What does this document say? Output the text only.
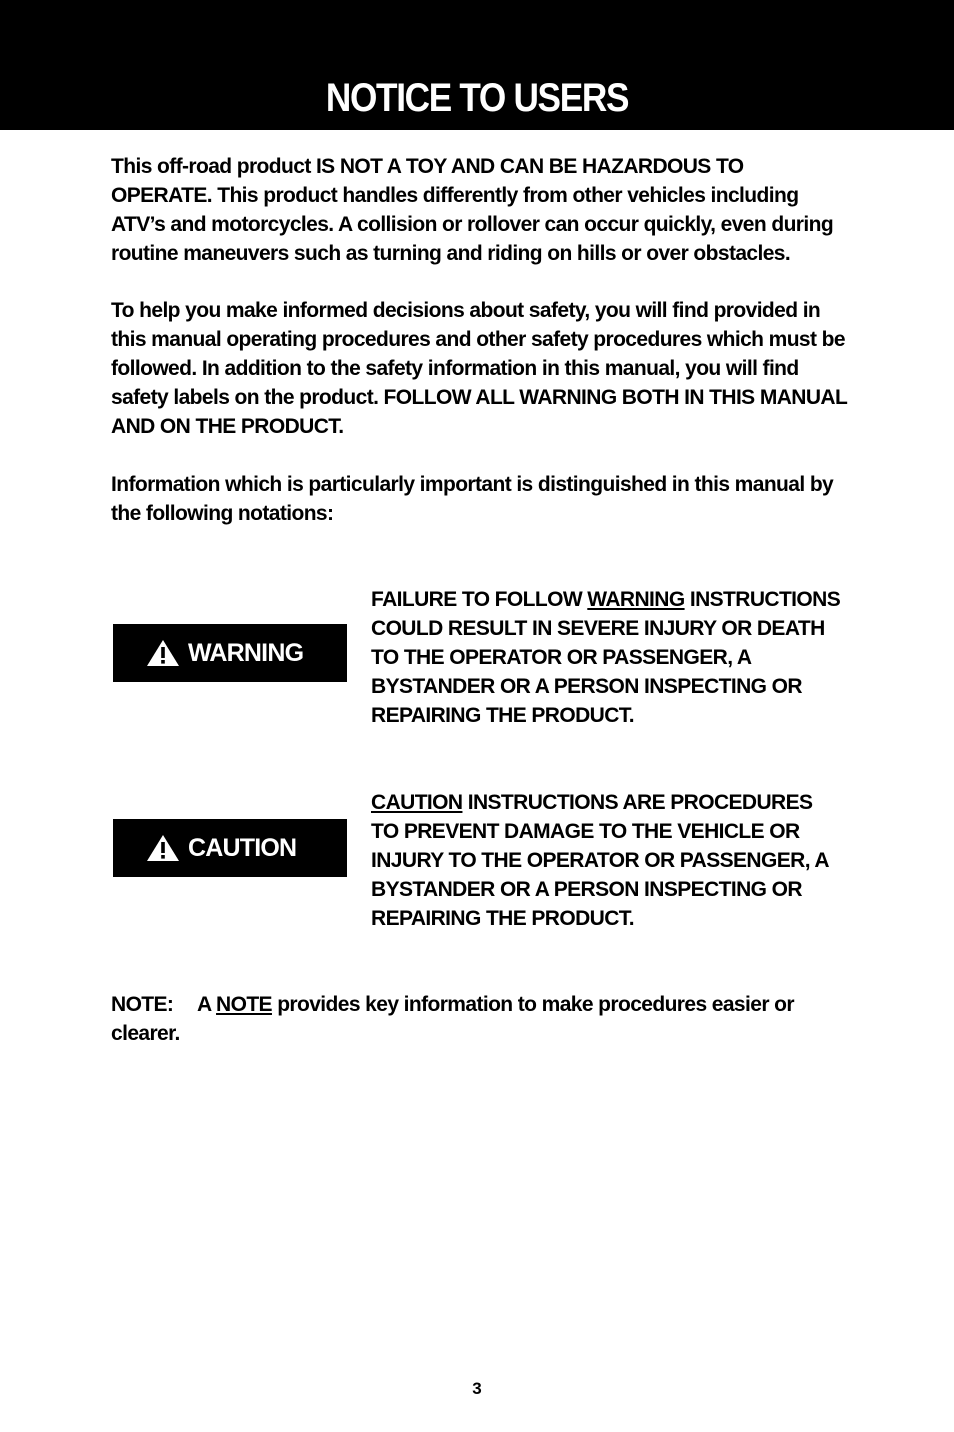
NOTICE TO USERS

This off-road product IS NOT A TOY AND CAN BE HAZARDOUS TO OPERATE. This product handles differently from other vehicles including ATV’s and motorcycles. A collision or rollover can occur quickly, even during routine maneuvers such as turning and riding on hills or over obstacles.

To help you make informed decisions about safety, you will find provided in this manual operating procedures and other safety procedures which must be followed. In addition to the safety information in this manual, you will find safety labels on the product. FOLLOW ALL WARNING BOTH IN THIS MANUAL AND ON THE PRODUCT.

Information which is particularly important is distinguished in this manual by the following notations:

WARNING

FAILURE TO FOLLOW WARNING INSTRUCTIONS COULD RESULT IN SEVERE INJURY OR DEATH TO THE OPERATOR OR PASSENGER, A BYSTANDER OR A PERSON INSPECTING OR REPAIRING THE PRODUCT.

CAUTION

CAUTION INSTRUCTIONS ARE PROCEDURES TO PREVENT DAMAGE TO THE VEHICLE OR INJURY TO THE OPERATOR OR PASSENGER, A BYSTANDER OR A PERSON INSPECTING OR REPAIRING THE PRODUCT.

NOTE: A NOTE provides key information to make procedures easier or clearer.

3
